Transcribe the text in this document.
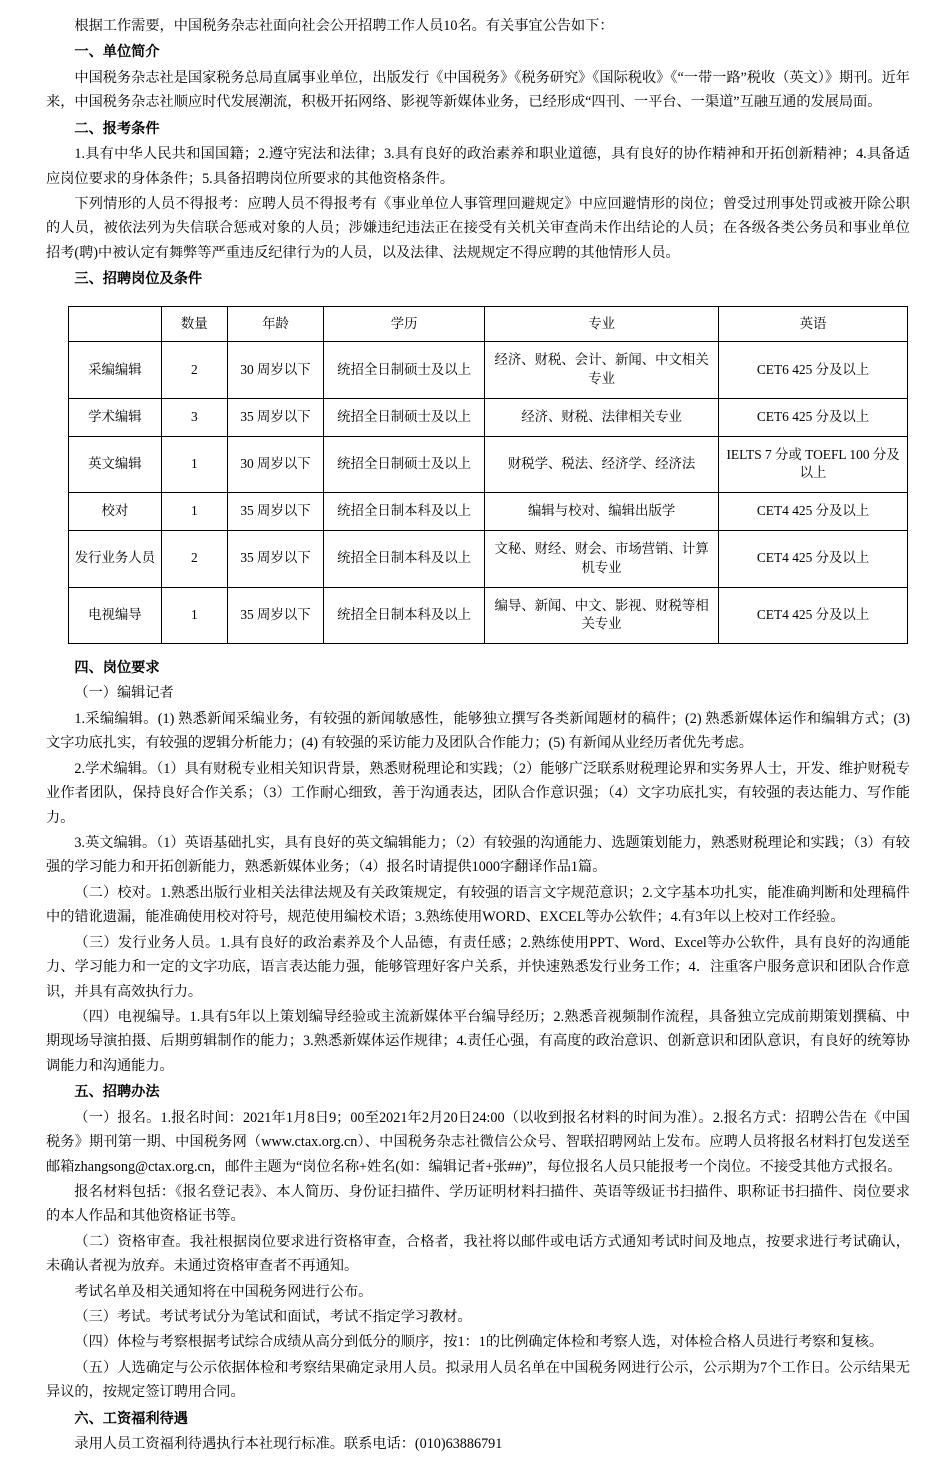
根据工作需要，中国税务杂志社面向社会公开招聘工作人员10名。有关事宜公告如下：

一、单位简介

中国税务杂志社是国家税务总局直属事业单位，出版发行《中国税务》《税务研究》《国际税收》《“一带一路”税收（英文）》期刊。近年来，中国税务杂志社顺应时代发展潮流，积极开拓网络、影视等新媒体业务，已经形成“四刊、一平台、一渠道”互融互通的发展局面。

二、报考条件

1.具有中华人民共和国国籍；2.遵守宪法和法律；3.具有良好的政治素养和职业道德，具有良好的协作精神和开拓创新精神；4.具备适应岗位要求的身体条件；5.具备招聘岗位所要求的其他资格条件。

下列情形的人员不得报考：应聘人员不得报考有《事业单位人事管理回避规定》中应回避情形的岗位；曾受过刑事处罚或被开除公职的人员，被依法列为失信联合惩戒对象的人员；涉嫌违纪违法正在接受有关机关审查尚未作出结论的人员；在各级各类公务员和事业单位招考(聘)中被认定有舞弊等严重违反纪律行为的人员，以及法律、法规规定不得应聘的其他情形人员。

三、招聘岗位及条件

	数量	年龄	学历	专业	英语
采编编辑	2	30 周岁以下	统招全日制硕士及以上	经济、财税、会计、新闻、中文相关专业	CET6 425 分及以上
学术编辑	3	35 周岁以下	统招全日制硕士及以上	经济、财税、法律相关专业	CET6 425 分及以上
英文编辑	1	30 周岁以下	统招全日制硕士及以上	财税学、税法、经济学、经济法	IELTS 7 分或 TOEFL 100 分及以上
校对	1	35 周岁以下	统招全日制本科及以上	编辑与校对、编辑出版学	CET4 425 分及以上
发行业务人员	2	35 周岁以下	统招全日制本科及以上	文秘、财经、财会、市场营销、计算机专业	CET4 425 分及以上
电视编导	1	35 周岁以下	统招全日制本科及以上	编导、新闻、中文、影视、财税等相关专业	CET4 425 分及以上

四、岗位要求

（一）编辑记者

1.采编编辑。(1) 熟悉新闻采编业务，有较强的新闻敏感性，能够独立撰写各类新闻题材的稿件；(2) 熟悉新媒体运作和编辑方式；(3) 文字功底扎实，有较强的逻辑分析能力；(4) 有较强的采访能力及团队合作能力；(5) 有新闻从业经历者优先考虑。

2.学术编辑。（1）具有财税专业相关知识背景，熟悉财税理论和实践；（2）能够广泛联系财税理论界和实务界人士，开发、维护财税专业作者团队，保持良好合作关系；（3）工作耐心细致，善于沟通表达，团队合作意识强；（4）文字功底扎实，有较强的表达能力、写作能力。

3.英文编辑。（1）英语基础扎实，具有良好的英文编辑能力；（2）有较强的沟通能力、选题策划能力，熟悉财税理论和实践；（3）有较强的学习能力和开拓创新能力，熟悉新媒体业务；（4）报名时请提供1000字翻译作品1篇。

（二）校对。1.熟悉出版行业相关法律法规及有关政策规定，有较强的语言文字规范意识；2.文字基本功扎实，能准确判断和处理稿件中的错讹遗漏，能准确使用校对符号，规范使用编校术语；3.熟练使用WORD、EXCEL等办公软件；4.有3年以上校对工作经验。

（三）发行业务人员。1.具有良好的政治素养及个人品德，有责任感；2.熟练使用PPT、Word、Excel等办公软件，具有良好的沟通能力、学习能力和一定的文字功底，语言表达能力强，能够管理好客户关系，并快速熟悉发行业务工作；4．注重客户服务意识和团队合作意识，并具有高效执行力。

（四）电视编导。1.具有5年以上策划编导经验或主流新媒体平台编导经历；2.熟悉音视频制作流程，具备独立完成前期策划撰稿、中期现场导演拍摄、后期剪辑制作的能力；3.熟悉新媒体运作规律；4.责任心强，有高度的政治意识、创新意识和团队意识，有良好的统筹协调能力和沟通能力。

五、招聘办法

（一）报名。1.报名时间：2021年1月8日9；00至2021年2月20日24:00（以收到报名材料的时间为准）。2.报名方式：招聘公告在《中国税务》期刊第一期、中国税务网（www.ctax.org.cn）、中国税务杂志社微信公众号、智联招聘网站上发布。应聘人员将报名材料打包发送至邮箱zhangsong@ctax.org.cn，邮件主题为“岗位名称+姓名(如：编辑记者+张##)”，每位报名人员只能报考一个岗位。不接受其他方式报名。

报名材料包括：《报名登记表》、本人简历、身份证扫描件、学历证明材料扫描件、英语等级证书扫描件、职称证书扫描件、岗位要求的本人作品和其他资格证书等。

（二）资格审查。我社根据岗位要求进行资格审查，合格者，我社将以邮件或电话方式通知考试时间及地点，按要求进行考试确认，未确认者视为放弃。未通过资格审查者不再通知。

考试名单及相关通知将在中国税务网进行公布。

（三）考试。考试考试分为笔试和面试，考试不指定学习教材。

（四）体检与考察根据考试综合成绩从高分到低分的顺序，按1：1的比例确定体检和考察人选，对体检合格人员进行考察和复核。

（五）人选确定与公示依据体检和考察结果确定录用人员。拟录用人员名单在中国税务网进行公示，公示期为7个工作日。公示结果无异议的，按规定签订聘用合同。

六、工资福利待遇

录用人员工资福利待遇执行本社现行标准。联系电话：(010)63886791
